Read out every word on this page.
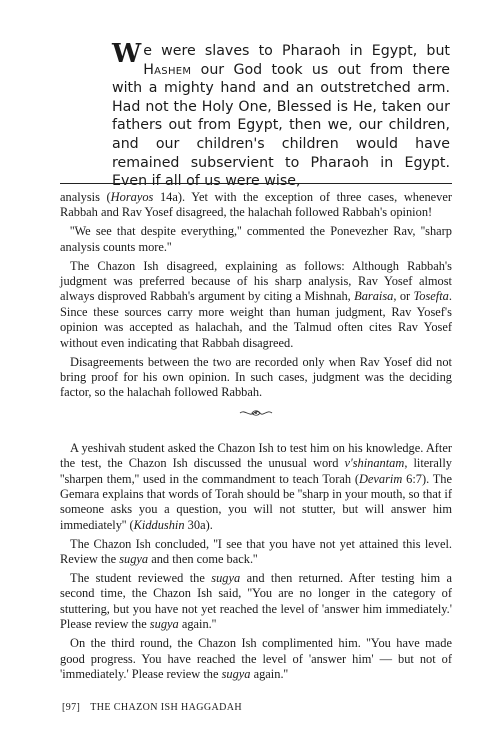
We were slaves to Pharaoh in Egypt, but Hashem our God took us out from there with a mighty hand and an outstretched arm. Had not the Holy One, Blessed is He, taken our fathers out from Egypt, then we, our children, and our children's children would have remained subservient to Pharaoh in Egypt. Even if all of us were wise,

analysis (Horayos 14a). Yet with the exception of three cases, whenever Rabbah and Rav Yosef disagreed, the halachah followed Rabbah's opinion!

''We see that despite everything,'' commented the Ponevezher Rav, ''sharp analysis counts more.''

The Chazon Ish disagreed, explaining as follows: Although Rabbah's judgment was preferred because of his sharp analysis, Rav Yosef almost always disproved Rabbah's argument by citing a Mishnah, Baraisa, or Tosefta. Since these sources carry more weight than human judgment, Rav Yosef's opinion was accepted as halachah, and the Talmud often cites Rav Yosef without even indicating that Rabbah disagreed.

Disagreements between the two are recorded only when Rav Yosef did not bring proof for his own opinion. In such cases, judgment was the deciding factor, so the halachah followed Rabbah.

A yeshivah student asked the Chazon Ish to test him on his knowledge. After the test, the Chazon Ish discussed the unusual word v'shinantam, literally ''sharpen them,'' used in the commandment to teach Torah (Devarim 6:7). The Gemara explains that words of Torah should be ''sharp in your mouth, so that if someone asks you a question, you will not stutter, but will answer him immediately'' (Kiddushin 30a).

The Chazon Ish concluded, ''I see that you have not yet attained this level. Review the sugya and then come back.''

The student reviewed the sugya and then returned. After testing him a second time, the Chazon Ish said, ''You are no longer in the category of stuttering, but you have not yet reached the level of 'answer him immediately.' Please review the sugya again.''

On the third round, the Chazon Ish complimented him. ''You have made good progress. You have reached the level of 'answer him' — but not of 'immediately.' Please review the sugya again.''

[97] THE CHAZON ISH HAGGADAH
